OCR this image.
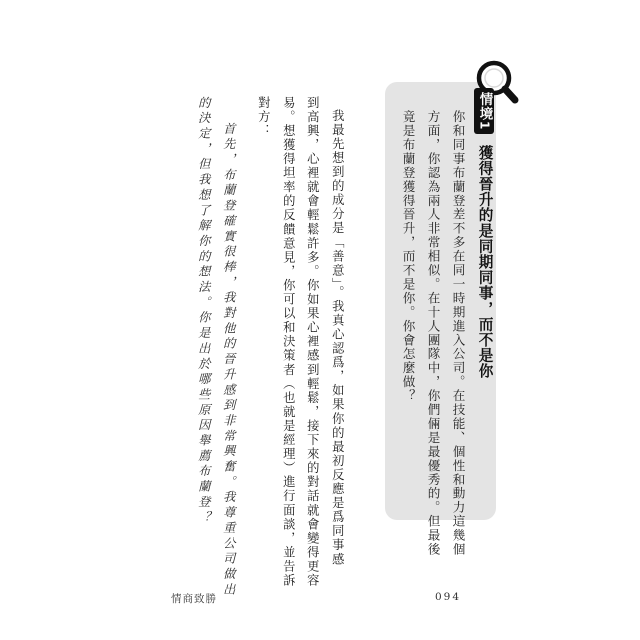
情境1 獲得晉升的是同期同事，而不是你
你和同事布蘭登差不多在同一時期進入公司。在技能、個性和動力這幾個
方面，你認為兩人非常相似。在十人團隊中，你們倆是最優秀的。但最後
竟是布蘭登獲得晉升，而不是你。你會怎麼做？
我最先想到的成分是「善意」。我真心認爲，如果你的最初反應是爲同事感
到高興，心裡就會輕鬆許多。你如果心裡感到輕鬆，接下來的對話就會變得更容
易。想獲得坦率的反饋意見，你可以和決策者（也就是經理）進行面談，並告訴
對方：
首先，布蘭登確實很棒，我對他的晉升感到非常興奮。我尊重公司做出
的決定，但我想了解你的想法。你是出於哪些原因舉薦布蘭登？
情商致勝	094
